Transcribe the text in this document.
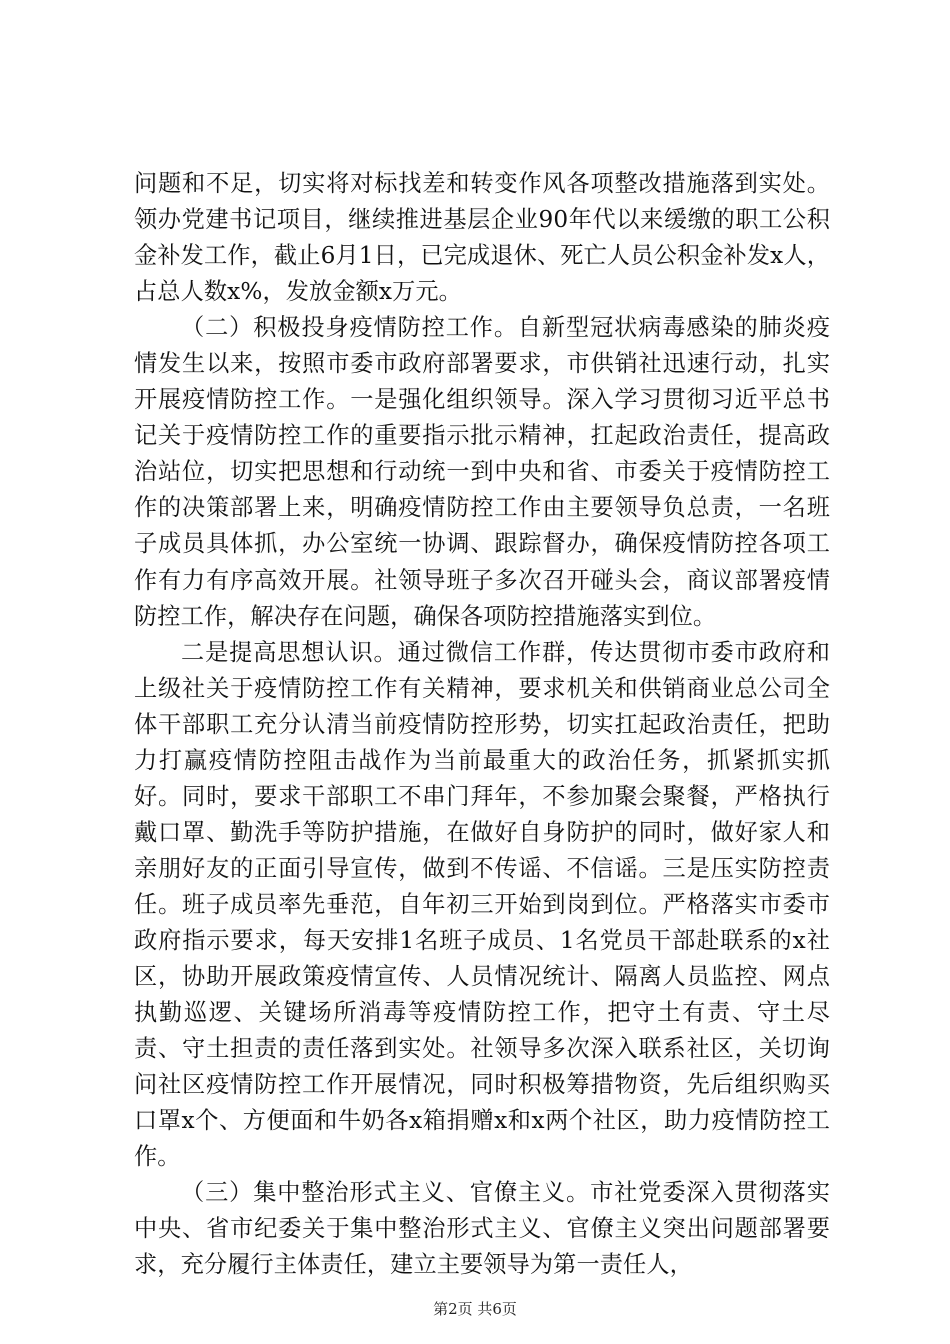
问题和不足，切实将对标找差和转变作风各项整改措施落到实处。领办党建书记项目，继续推进基层企业90年代以来缓缴的职工公积金补发工作，截止6月1日，已完成退休、死亡人员公积金补发x人，占总人数x%，发放金额x万元。

（二）积极投身疫情防控工作。自新型冠状病毒感染的肺炎疫情发生以来，按照市委市政府部署要求，市供销社迅速行动，扎实开展疫情防控工作。一是强化组织领导。深入学习贯彻习近平总书记关于疫情防控工作的重要指示批示精神，扛起政治责任，提高政治站位，切实把思想和行动统一到中央和省、市委关于疫情防控工作的决策部署上来，明确疫情防控工作由主要领导负总责，一名班子成员具体抓，办公室统一协调、跟踪督办，确保疫情防控各项工作有力有序高效开展。社领导班子多次召开碰头会，商议部署疫情防控工作，解决存在问题，确保各项防控措施落实到位。

二是提高思想认识。通过微信工作群，传达贯彻市委市政府和上级社关于疫情防控工作有关精神，要求机关和供销商业总公司全体干部职工充分认清当前疫情防控形势，切实扛起政治责任，把助力打赢疫情防控阻击战作为当前最重大的政治任务，抓紧抓实抓好。同时，要求干部职工不串门拜年，不参加聚会聚餐，严格执行戴口罩、勤洗手等防护措施，在做好自身防护的同时，做好家人和亲朋好友的正面引导宣传，做到不传谣、不信谣。三是压实防控责任。班子成员率先垂范，自年初三开始到岗到位。严格落实市委市政府指示要求，每天安排1名班子成员、1名党员干部赴联系的x社区，协助开展政策疫情宣传、人员情况统计、隔离人员监控、网点执勤巡逻、关键场所消毒等疫情防控工作，把守土有责、守土尽责、守土担责的责任落到实处。社领导多次深入联系社区，关切询问社区疫情防控工作开展情况，同时积极筹措物资，先后组织购买口罩x个、方便面和牛奶各x箱捐赠x和x两个社区，助力疫情防控工作。

（三）集中整治形式主义、官僚主义。市社党委深入贯彻落实中央、省市纪委关于集中整治形式主义、官僚主义突出问题部署要求，充分履行主体责任，建立主要领导为第一责任人，

第2页 共6页
